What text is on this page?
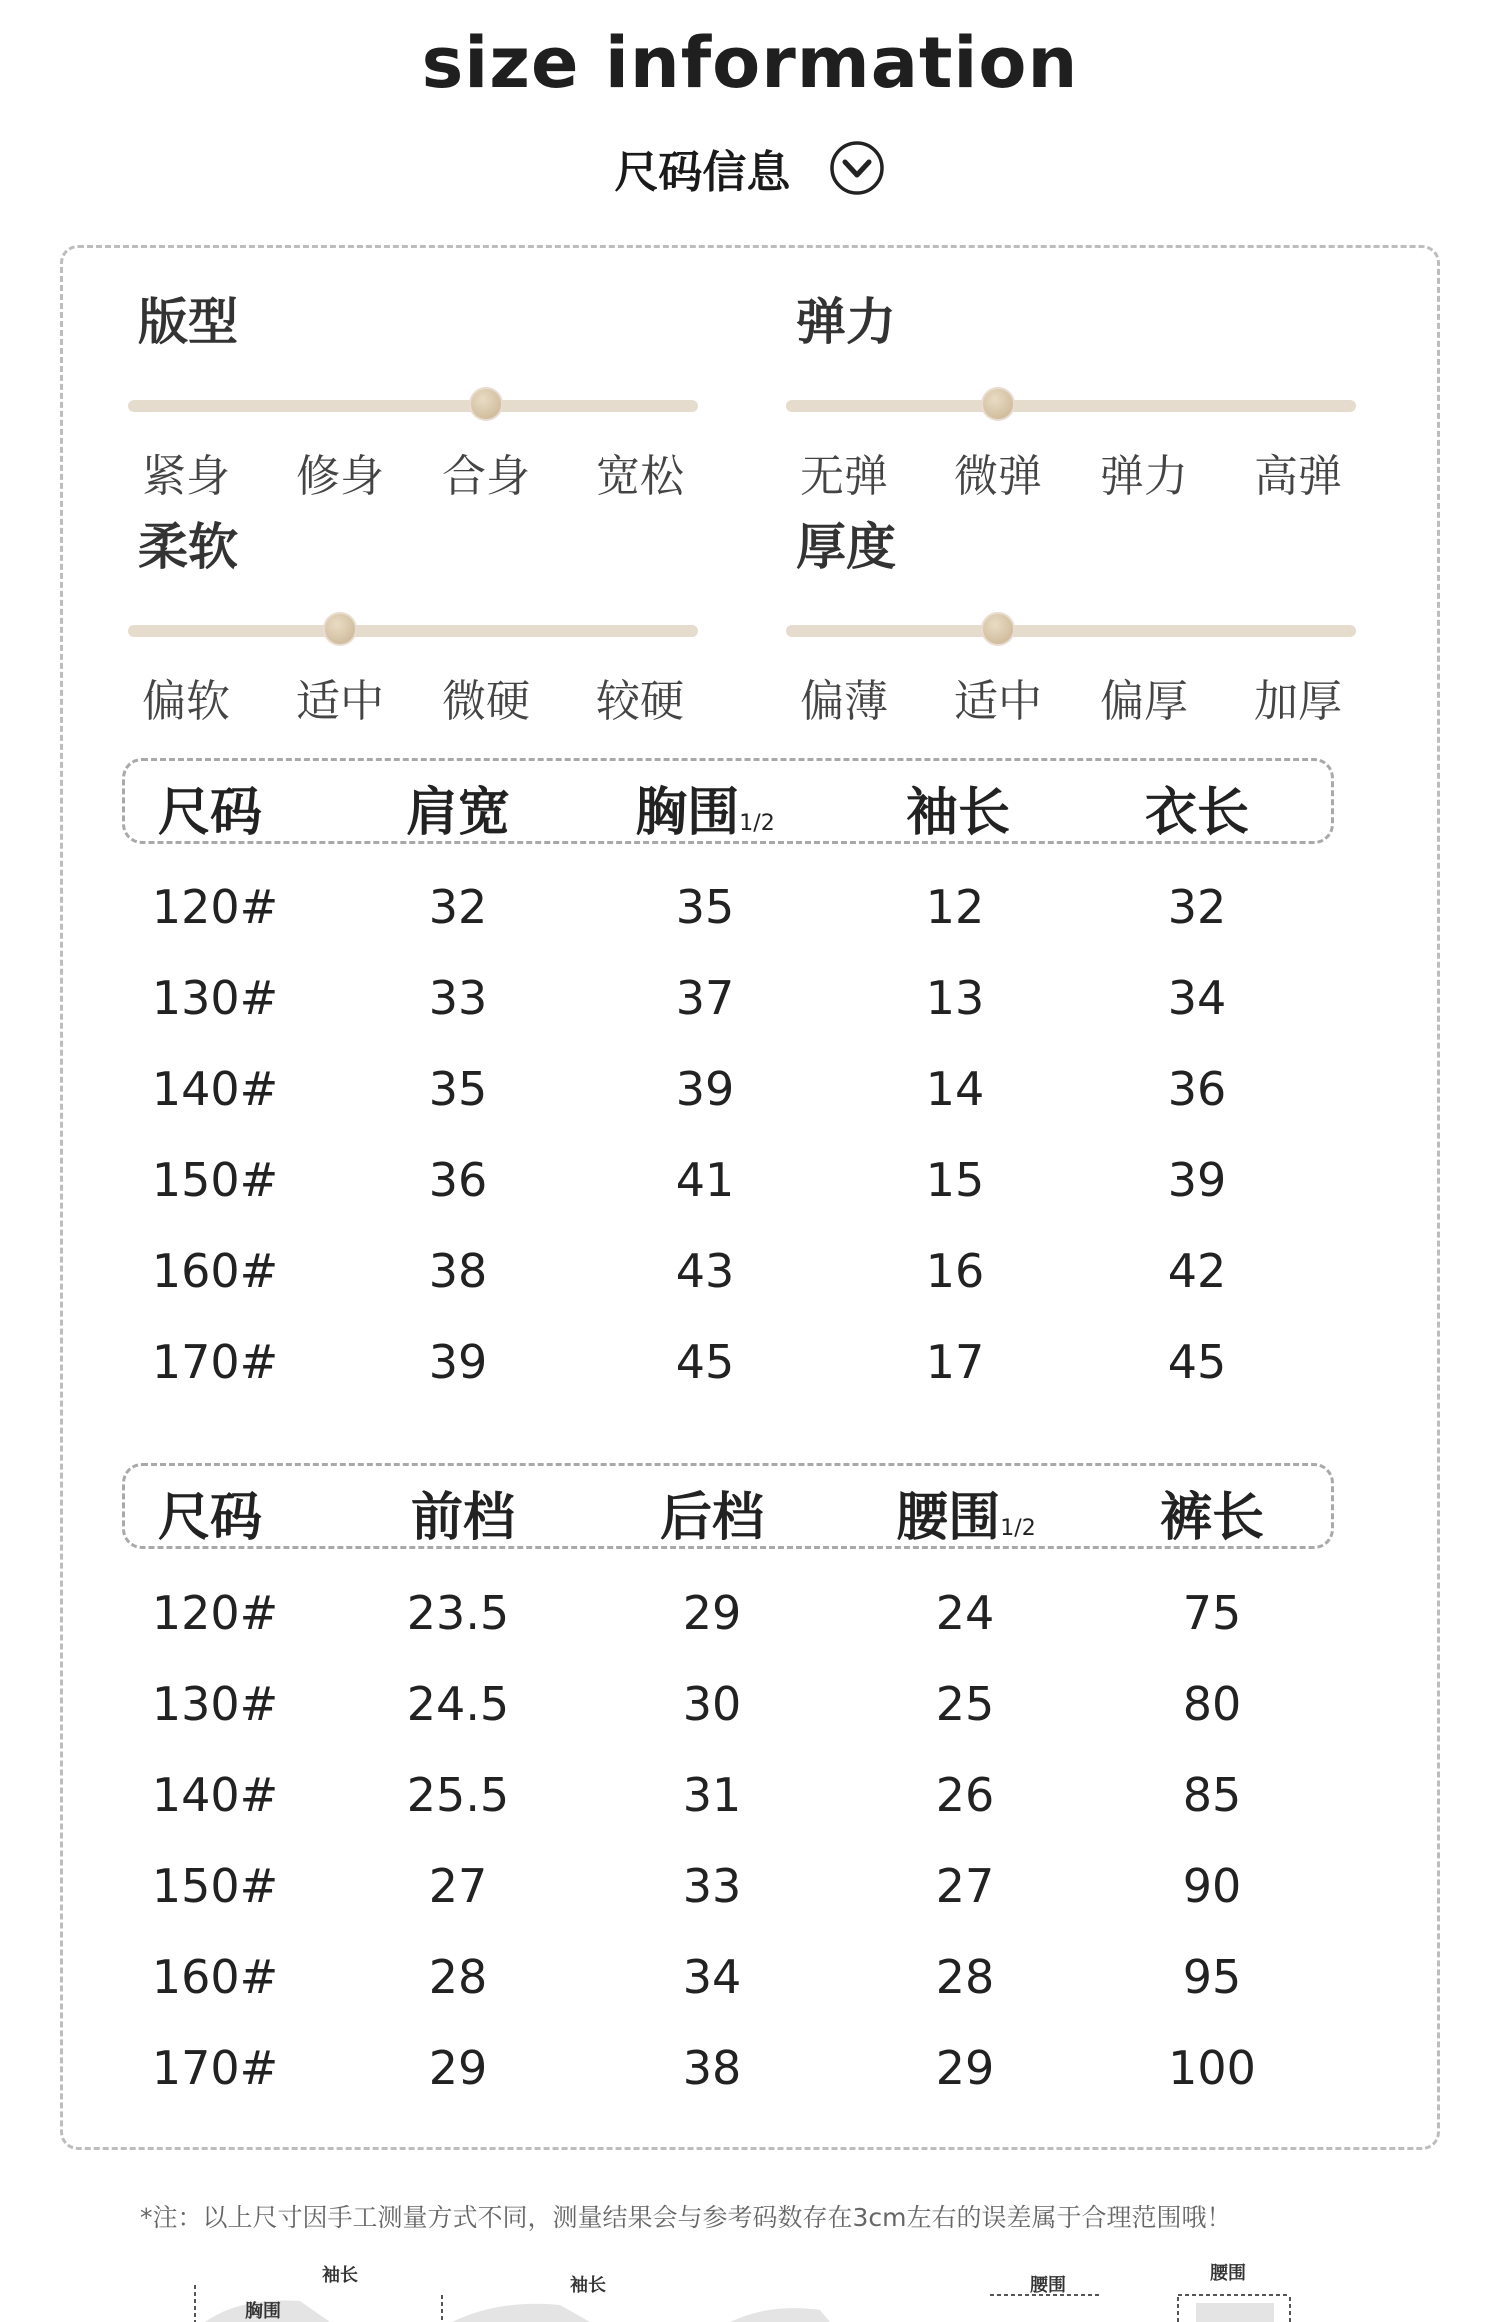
size information
尺码信息
版型
紧身	修身	合身	宽松
弹力
无弹	微弹	弹力	高弹
柔软
偏软	适中	微硬	较硬
厚度
偏薄	适中	偏厚	加厚
尺码	肩宽	胸围1/2	袖长	衣长
120#	32	35	12	32
130#	33	37	13	34
140#	35	39	14	36
150#	36	41	15	39
160#	38	43	16	42
170#	39	45	17	45
尺码	前档	后档	腰围1/2	裤长
120#	23.5	29	24	75
130#	24.5	30	25	80
140#	25.5	31	26	85
150#	27	33	27	90
160#	28	34	28	95
170#	29	38	29	100
*注：以上尺寸因手工测量方式不同，测量结果会与参考码数存在3cm左右的误差属于合理范围哦！
袖长
胸围
袖长	腰围
腰围
